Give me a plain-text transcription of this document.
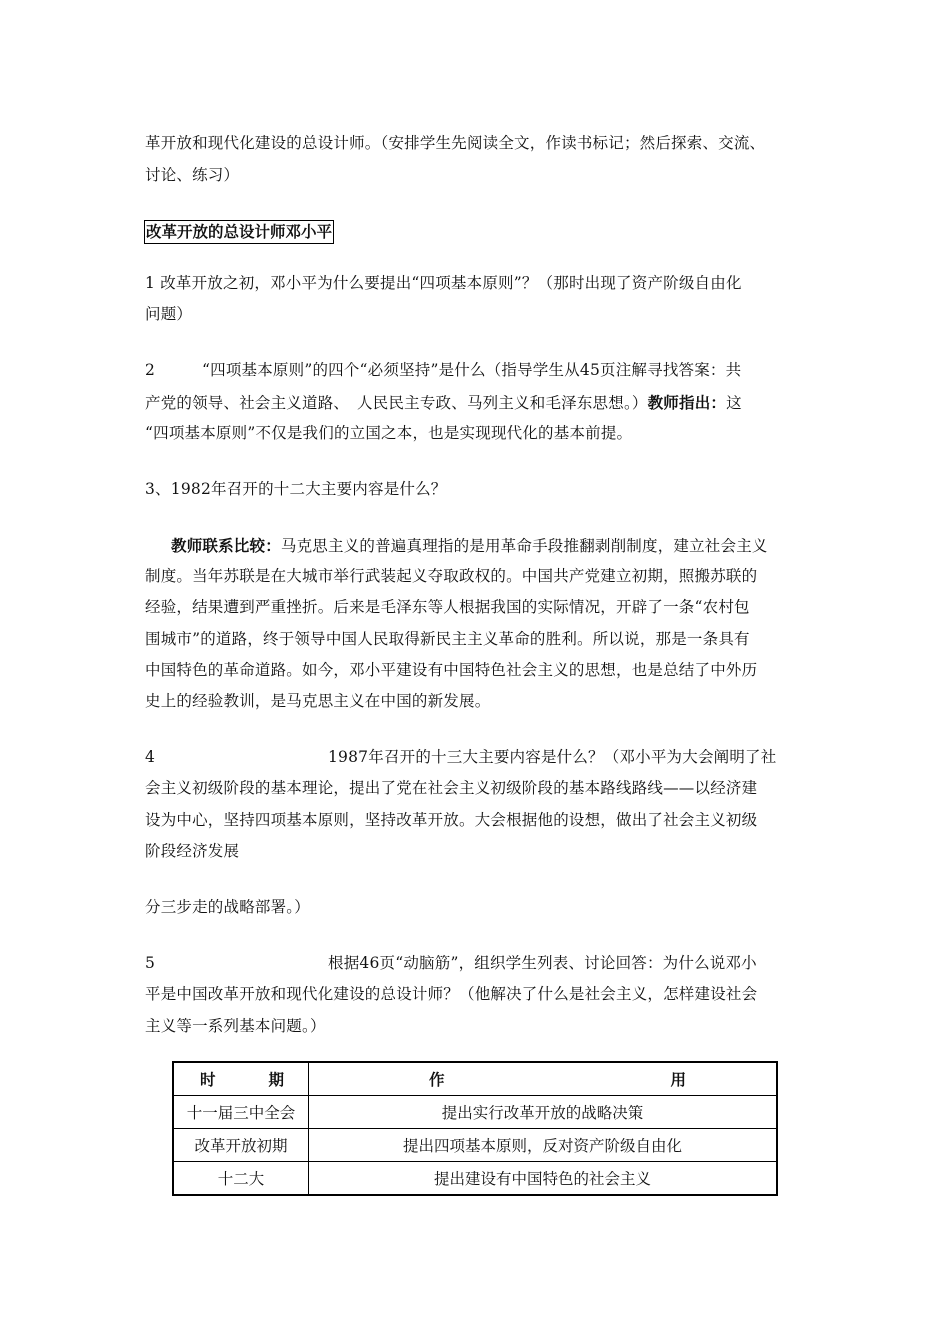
革开放和现代化建设的总设计师。（安排学生先阅读全文，作读书标记；然后探索、交流、
讨论、练习）
改革开放的总设计师邓小平
1 改革开放之初，邓小平为什么要提出“四项基本原则”？（那时出现了资产阶级自由化
问题）
2	“四项基本原则”的四个“必须坚持”是什么（指导学生从45页注解寻找答案：共
产党的领导、社会主义道路、　人民民主专政、马列主义和毛泽东思想。）教师指出：这
“四项基本原则”不仅是我们的立国之本，也是实现现代化的基本前提。
3、1982年召开的十二大主要内容是什么？
教师联系比较：马克思主义的普遍真理指的是用革命手段推翻剥削制度，建立社会主义
制度。当年苏联是在大城市举行武装起义夺取政权的。中国共产党建立初期，照搬苏联的
经验，结果遭到严重挫折。后来是毛泽东等人根据我国的实际情况，开辟了一条“农村包
围城市”的道路，终于领导中国人民取得新民主主义革命的胜利。所以说，那是一条具有
中国特色的革命道路。如今，邓小平建设有中国特色社会主义的思想，也是总结了中外历
史上的经验教训，是马克思主义在中国的新发展。
4	1987年召开的十三大主要内容是什么？（邓小平为大会阐明了社
会主义初级阶段的基本理论，提出了党在社会主义初级阶段的基本路线路线——以经济建
设为中心，坚持四项基本原则，坚持改革开放。大会根据他的设想，做出了社会主义初级
阶段经济发展
分三步走的战略部署。）
5	根据46页“动脑筋”，组织学生列表、讨论回答：为什么说邓小
平是中国改革开放和现代化建设的总设计师？（他解决了什么是社会主义，怎样建设社会
主义等一系列基本问题。）
时 期	作 用

十一届三中全会	提出实行改革开放的战略决策
改革开放初期	提出四项基本原则，反对资产阶级自由化
十二大	提出建设有中国特色的社会主义
